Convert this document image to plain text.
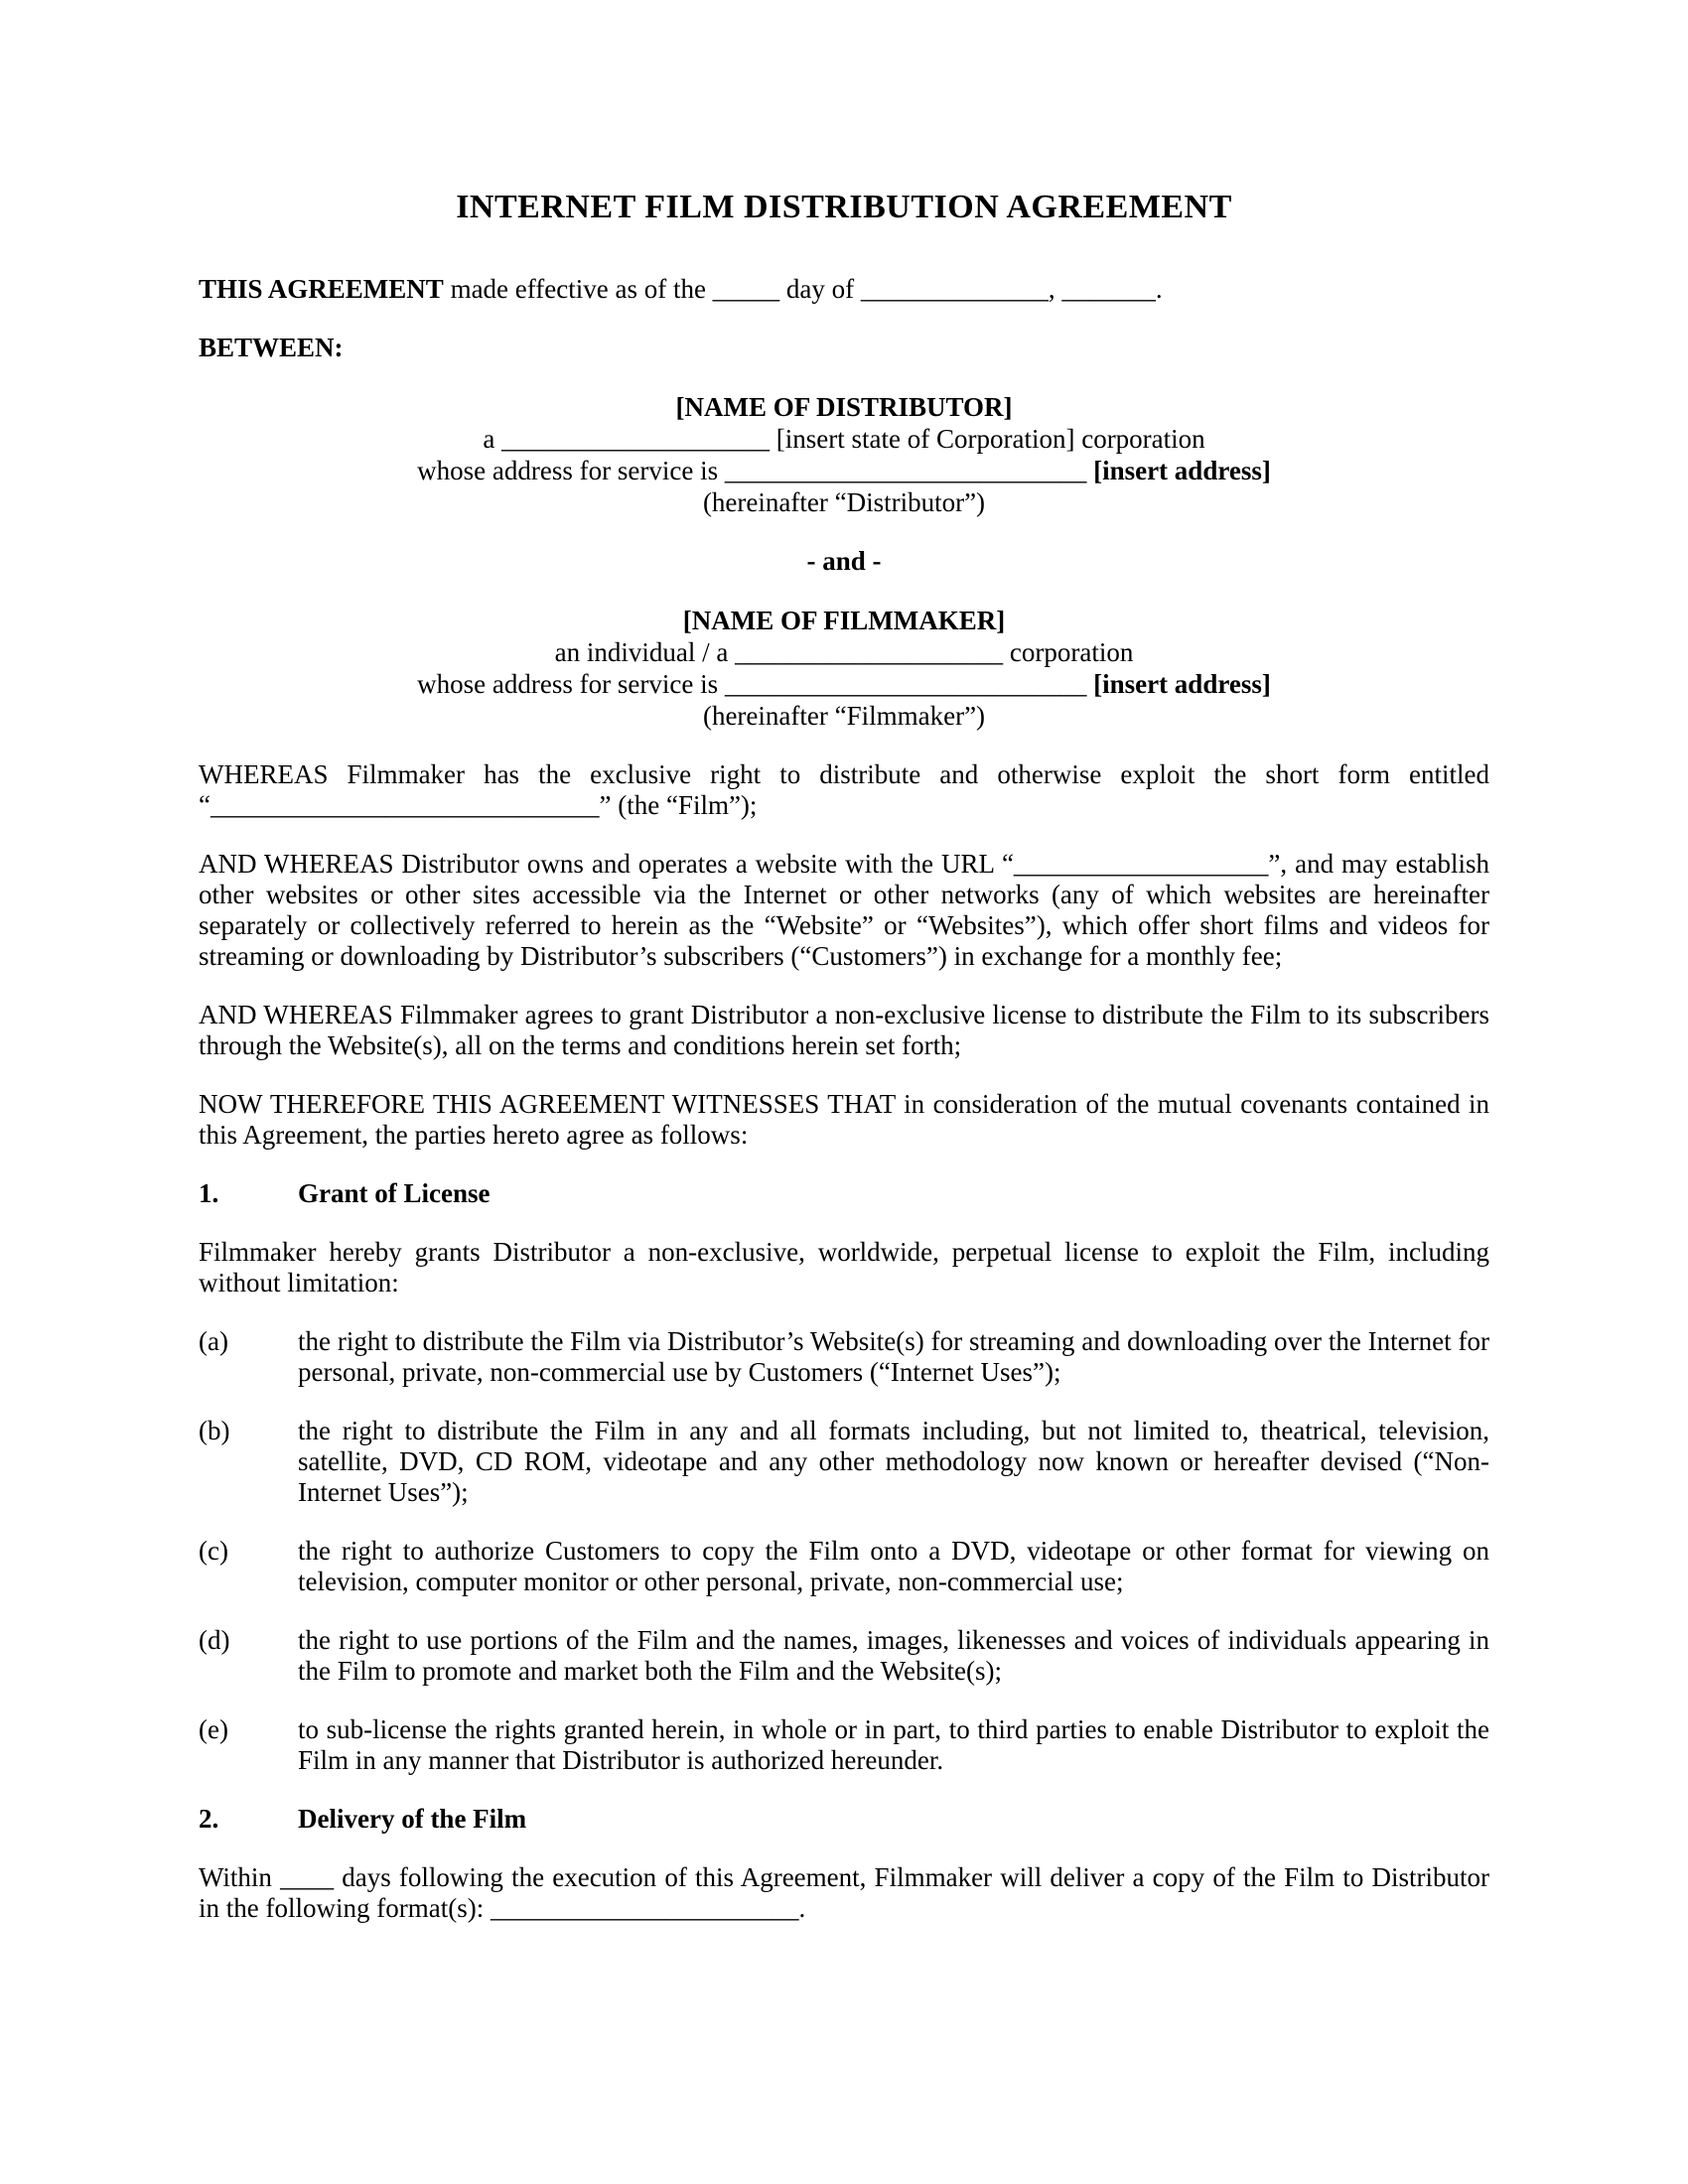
INTERNET FILM DISTRIBUTION AGREEMENT

THIS AGREEMENT made effective as of the _____ day of ______________, _______.

BETWEEN:

[NAME OF DISTRIBUTOR]
a ____________________ [insert state of Corporation] corporation
whose address for service is ___________________________ [insert address]
(hereinafter “Distributor”)
- and -
[NAME OF FILMMAKER]
an individual / a ____________________ corporation
whose address for service is ___________________________ [insert address]
(hereinafter “Filmmaker”)

WHEREAS Filmmaker has the exclusive right to distribute and otherwise exploit the short form entitled “_____________________________” (the “Film”);

AND WHEREAS Distributor owns and operates a website with the URL “___________________”, and may establish other websites or other sites accessible via the Internet or other networks (any of which websites are hereinafter separately or collectively referred to herein as the “Website” or “Websites”), which offer short films and videos for streaming or downloading by Distributor’s subscribers (“Customers”) in exchange for a monthly fee;

AND WHEREAS Filmmaker agrees to grant Distributor a non-exclusive license to distribute the Film to its subscribers through the Website(s), all on the terms and conditions herein set forth;

NOW THEREFORE THIS AGREEMENT WITNESSES THAT in consideration of the mutual covenants contained in this Agreement, the parties hereto agree as follows:

1.	Grant of License

Filmmaker hereby grants Distributor a non-exclusive, worldwide, perpetual license to exploit the Film, including without limitation:

(a)	the right to distribute the Film via Distributor’s Website(s) for streaming and downloading over the Internet for personal, private, non-commercial use by Customers (“Internet Uses”);
(b)	the right to distribute the Film in any and all formats including, but not limited to, theatrical, television, satellite, DVD, CD ROM, videotape and any other methodology now known or hereafter devised (“Non-Internet Uses”);
(c)	the right to authorize Customers to copy the Film onto a DVD, videotape or other format for viewing on television, computer monitor or other personal, private, non-commercial use;
(d)	the right to use portions of the Film and the names, images, likenesses and voices of individuals appearing in the Film to promote and market both the Film and the Website(s);
(e)	to sub-license the rights granted herein, in whole or in part, to third parties to enable Distributor to exploit the Film in any manner that Distributor is authorized hereunder.
2.	Delivery of the Film

Within ____ days following the execution of this Agreement, Filmmaker will deliver a copy of the Film to Distributor in the following format(s): _______________________.
